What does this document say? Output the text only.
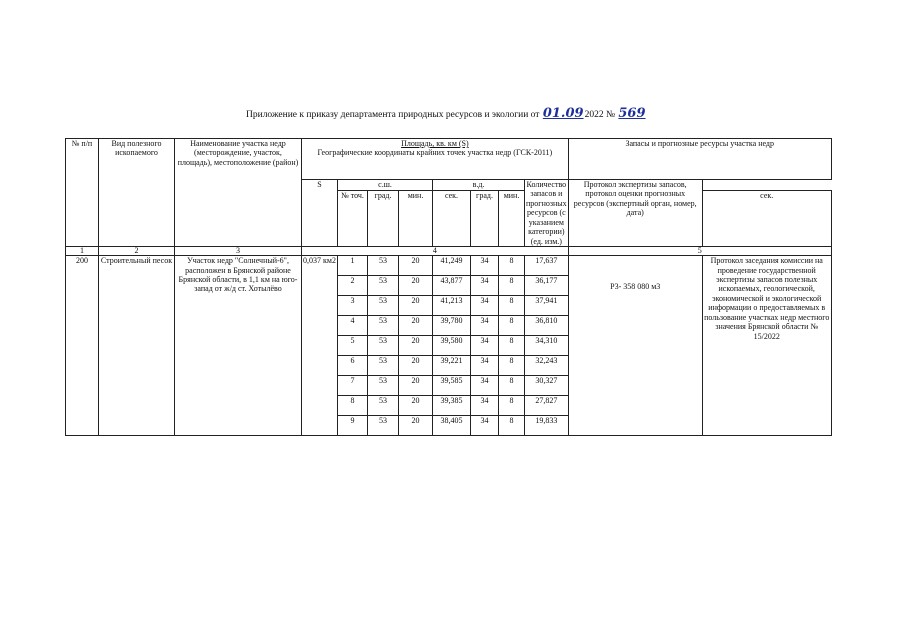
Приложение к приказу департамента природных ресурсов и экологии от 01.092022 № 569
№ п/п	Вид полезного ископаемого	Наименование участка недр (месторождение, участок, площадь), местоположение (район)	Площадь, кв. км (S)
Географические координаты крайних точек участка недр (ГСК-2011)								Запасы и прогнозные ресурсы участка недр	
			S	с.ш.			в.д.			Количество запасов и прогнозных ресурсов (с указанием категории) (ед. изм.)	Протокол экспертизы запасов, протокол оценки прогнозных ресурсов (экспертный орган, номер, дата)	
				№ точ.	град.	мин.	сек.	град.	мин.			сек.

1	2	3	4								5	
200	Строительный песок	Участок недр "Солнечный-6", расположен в Брянской районе Брянской области, в 1,1 км на юго-запад от ж/д ст. Хотылёво	0,037 км2	1	53	20	41,249	34	8	17,637	Р3- 358 080 м3	Протокол заседания комиссии на проведение государственной экспертизы запасов полезных ископаемых, геологической, экономической и экологической информации о предоставляемых в пользование участках недр местного значения Брянской области № 15/2022
				2	53	20	43,877	34	8	36,177		
				3	53	20	41,213	34	8	37,941		
				4	53	20	39,780	34	8	36,810		
				5	53	20	39,580	34	8	34,310		
				6	53	20	39,221	34	8	32,243		
				7	53	20	39,585	34	8	30,327		
				8	53	20	39,385	34	8	27,827		
				9	53	20	38,405	34	8	19,833		
